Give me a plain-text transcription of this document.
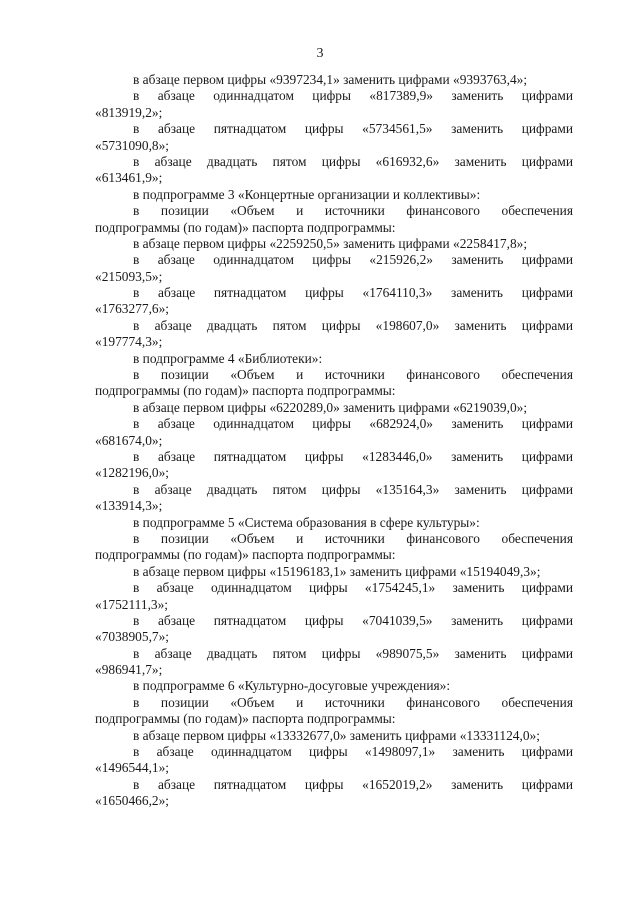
3
в абзаце первом цифры «9397234,1» заменить цифрами «9393763,4»;
в абзаце одиннадцатом цифры «817389,9» заменить цифрами
«813919,2»;
в абзаце пятнадцатом цифры «5734561,5» заменить цифрами
«5731090,8»;
в абзаце двадцать пятом цифры «616932,6» заменить цифрами
«613461,9»;
в подпрограмме 3 «Концертные организации и коллективы»:
в позиции «Объем и источники финансового обеспечения
подпрограммы (по годам)» паспорта подпрограммы:
в абзаце первом цифры «2259250,5» заменить цифрами «2258417,8»;
в абзаце одиннадцатом цифры «215926,2» заменить цифрами
«215093,5»;
в абзаце пятнадцатом цифры «1764110,3» заменить цифрами
«1763277,6»;
в абзаце двадцать пятом цифры «198607,0» заменить цифрами
«197774,3»;
в подпрограмме 4 «Библиотеки»:
в позиции «Объем и источники финансового обеспечения
подпрограммы (по годам)» паспорта подпрограммы:
в абзаце первом цифры «6220289,0» заменить цифрами «6219039,0»;
в абзаце одиннадцатом цифры «682924,0» заменить цифрами
«681674,0»;
в абзаце пятнадцатом цифры «1283446,0» заменить цифрами
«1282196,0»;
в абзаце двадцать пятом цифры «135164,3» заменить цифрами
«133914,3»;
в подпрограмме 5 «Система образования в сфере культуры»:
в позиции «Объем и источники финансового обеспечения
подпрограммы (по годам)» паспорта подпрограммы:
в абзаце первом цифры «15196183,1» заменить цифрами «15194049,3»;
в абзаце одиннадцатом цифры «1754245,1» заменить цифрами
«1752111,3»;
в абзаце пятнадцатом цифры «7041039,5» заменить цифрами
«7038905,7»;
в абзаце двадцать пятом цифры «989075,5» заменить цифрами
«986941,7»;
в подпрограмме 6 «Культурно-досуговые учреждения»:
в позиции «Объем и источники финансового обеспечения
подпрограммы (по годам)» паспорта подпрограммы:
в абзаце первом цифры «13332677,0» заменить цифрами «13331124,0»;
в абзаце одиннадцатом цифры «1498097,1» заменить цифрами
«1496544,1»;
в абзаце пятнадцатом цифры «1652019,2» заменить цифрами
«1650466,2»;
